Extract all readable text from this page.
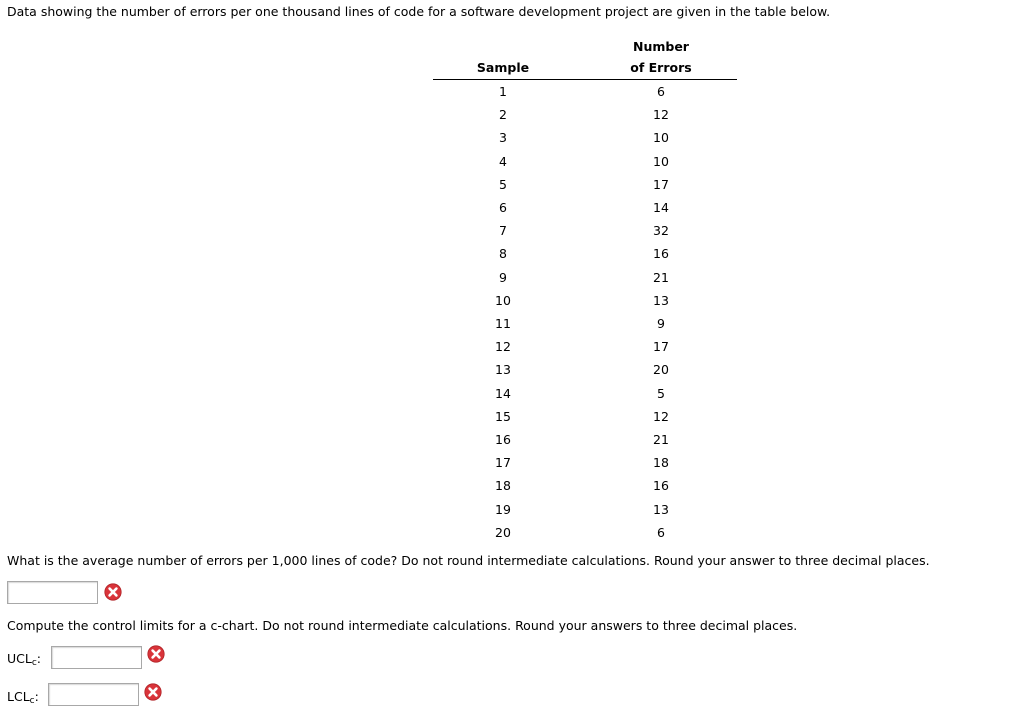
Data showing the number of errors per one thousand lines of code for a software development project are given in the table below.
	Number
Sample	of Errors
1	6
2	12
3	10
4	10
5	17
6	14
7	32
8	16
9	21
10	13
11	9
12	17
13	20
14	5
15	12
16	21
17	18
18	16
19	13
20	6
What is the average number of errors per 1,000 lines of code? Do not round intermediate calculations. Round your answer to three decimal places.
Compute the control limits for a c-chart. Do not round intermediate calculations. Round your answers to three decimal places.
$UCL_c$:
$LCL_c$:
